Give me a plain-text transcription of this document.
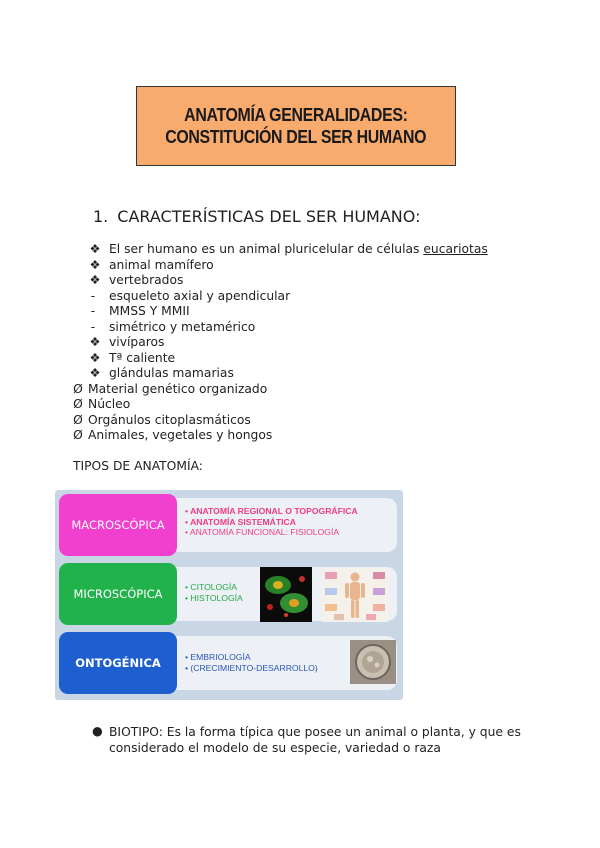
ANATOMÍA GENERALIDADES:
CONSTITUCIÓN DEL SER HUMANO
1. CARACTERÍSTICAS DEL SER HUMANO:
❖ El ser humano es un animal pluricelular de células eucariotas
❖ animal mamífero
❖ vertebrados
-	esqueleto axial y apendicular
-	MMSS Y MMII
-	simétrico y metamérico
❖ vivíparos
❖ Tª caliente
❖ glándulas mamarias
Ø Material genético organizado
Ø Núcleo
Ø Orgánulos citoplasmáticos
Ø Animales, vegetales y hongos
TIPOS DE ANATOMÍA:
MACROSCÓPICA
• ANATOMÍA REGIONAL O TOPOGRÁFICA
• ANATOMÍA SISTEMÁTICA
• ANATOMÍA FUNCIONAL: FISIOLOGÍA
MICROSCÓPICA	• CITOLOGÍA
• HISTOLOGÍA
ONTOGÉNICA	• EMBRIOLOGÍA
• (CRECIMIENTO-DESARROLLO)
● BIOTIPO: Es la forma típica que posee un animal o planta, y que es considerado el modelo de su especie, variedad o raza
